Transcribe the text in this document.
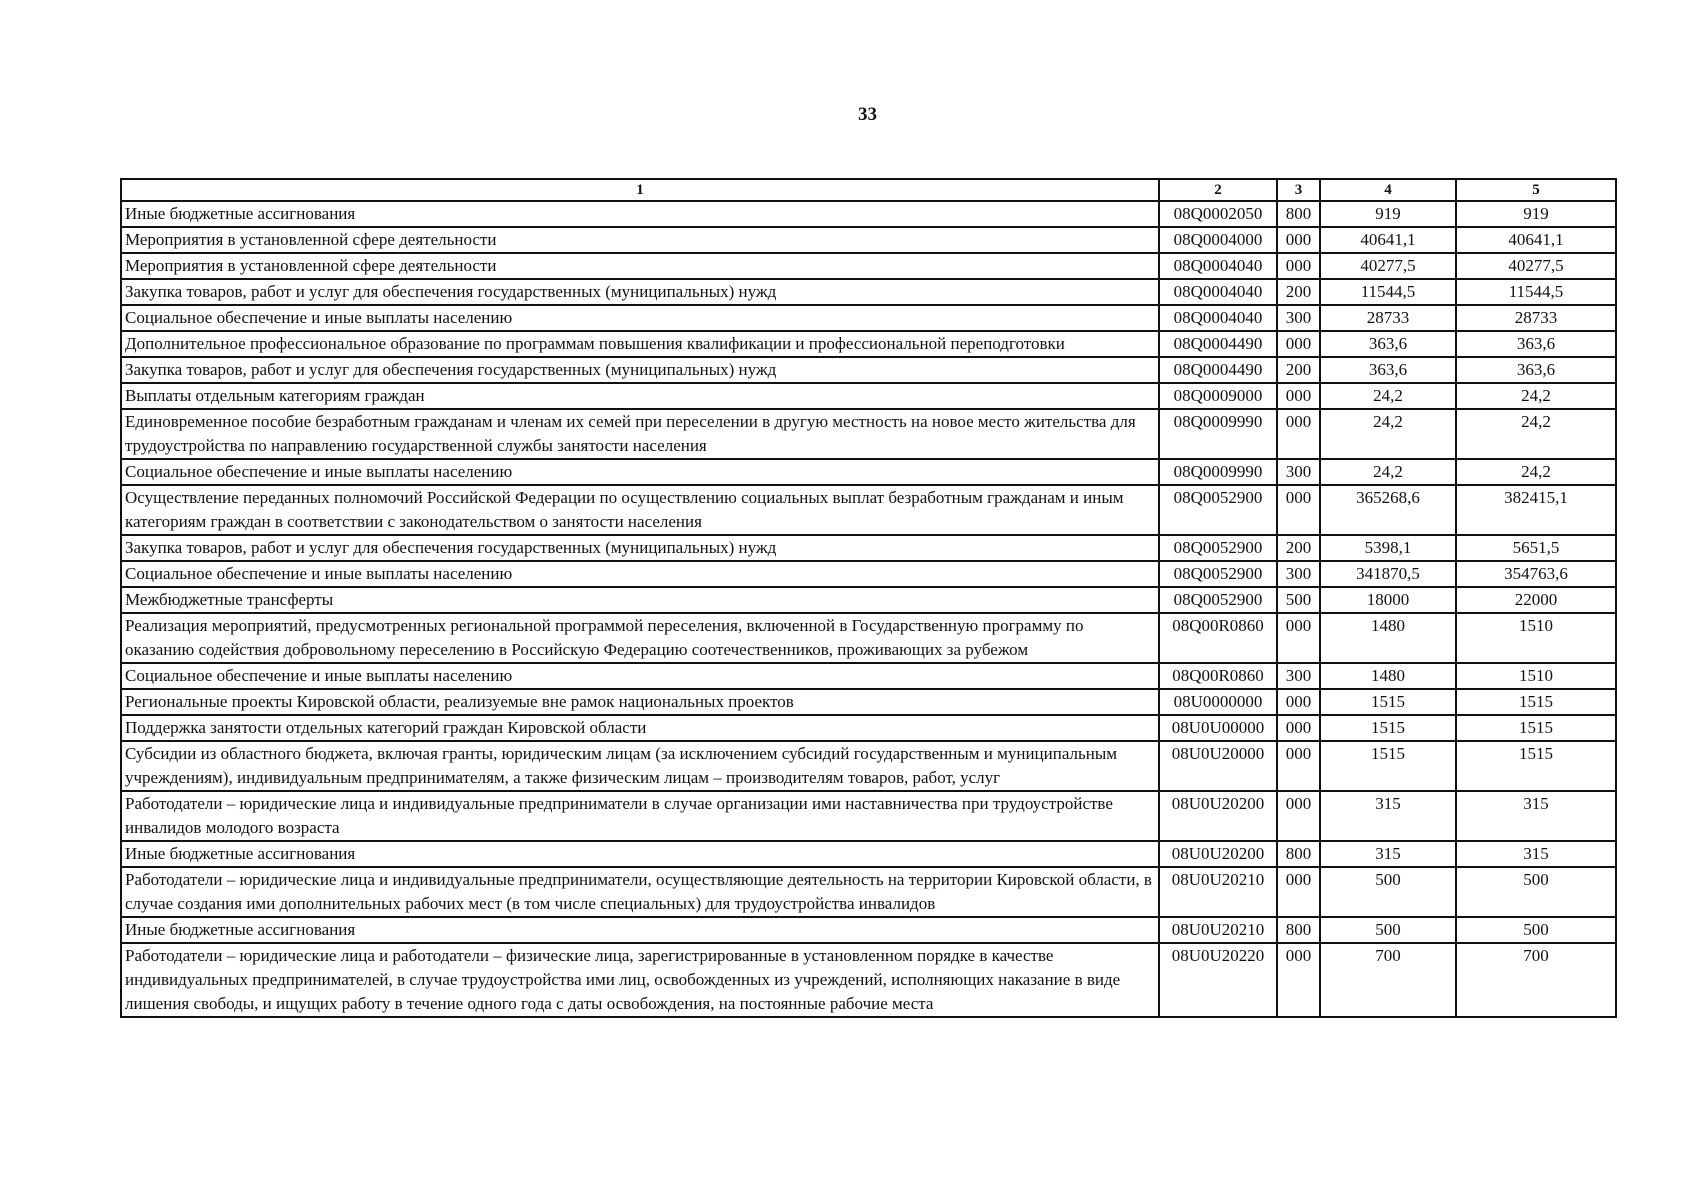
33
1	2	3	4	5
Иные бюджетные ассигнования	08Q0002050	800	919	919
Мероприятия в установленной сфере деятельности	08Q0004000	000	40641,1	40641,1
Мероприятия в установленной сфере деятельности	08Q0004040	000	40277,5	40277,5
Закупка товаров, работ и услуг для обеспечения государственных (муниципальных) нужд	08Q0004040	200	11544,5	11544,5
Социальное обеспечение и иные выплаты населению	08Q0004040	300	28733	28733
Дополнительное профессиональное образование по программам повышения квалификации и профессиональной переподготовки	08Q0004490	000	363,6	363,6
Закупка товаров, работ и услуг для обеспечения государственных (муниципальных) нужд	08Q0004490	200	363,6	363,6
Выплаты отдельным категориям граждан	08Q0009000	000	24,2	24,2
Единовременное пособие безработным гражданам и членам их семей при переселении в другую местность на новое место жительства для трудоустройства по направлению государственной службы занятости населения	08Q0009990	000	24,2	24,2
Социальное обеспечение и иные выплаты населению	08Q0009990	300	24,2	24,2
Осуществление переданных полномочий Российской Федерации по осуществлению социальных выплат безработным гражданам и иным категориям граждан в соответствии с законодательством о занятости населения	08Q0052900	000	365268,6	382415,1
Закупка товаров, работ и услуг для обеспечения государственных (муниципальных) нужд	08Q0052900	200	5398,1	5651,5
Социальное обеспечение и иные выплаты населению	08Q0052900	300	341870,5	354763,6
Межбюджетные трансферты	08Q0052900	500	18000	22000
Реализация мероприятий, предусмотренных региональной программой переселения, включенной в Государственную программу по оказанию содействия добровольному переселению в Российскую Федерацию соотечественников, проживающих за рубежом	08Q00R0860	000	1480	1510
Социальное обеспечение и иные выплаты населению	08Q00R0860	300	1480	1510
Региональные проекты Кировской области, реализуемые вне рамок национальных проектов	08U0000000	000	1515	1515
Поддержка занятости отдельных категорий граждан Кировской области	08U0U00000	000	1515	1515
Субсидии из областного бюджета, включая гранты, юридическим лицам (за исключением субсидий государственным и муниципальным учреждениям), индивидуальным предпринимателям, а также физическим лицам – производителям товаров, работ, услуг	08U0U20000	000	1515	1515
Работодатели – юридические лица и индивидуальные предприниматели в случае организации ими наставничества при трудоустройстве инвалидов молодого возраста	08U0U20200	000	315	315
Иные бюджетные ассигнования	08U0U20200	800	315	315
Работодатели – юридические лица и индивидуальные предприниматели, осуществляющие деятельность на территории Кировской области, в случае создания ими дополнительных рабочих мест (в том числе специальных) для трудоустройства инвалидов	08U0U20210	000	500	500
Иные бюджетные ассигнования	08U0U20210	800	500	500
Работодатели – юридические лица и работодатели – физические лица, зарегистрированные в установленном порядке в качестве индивидуальных предпринимателей, в случае трудоустройства ими лиц, освобожденных из учреждений, исполняющих наказание в виде лишения свободы, и ищущих работу в течение одного года с даты освобождения, на постоянные рабочие места	08U0U20220	000	700	700
